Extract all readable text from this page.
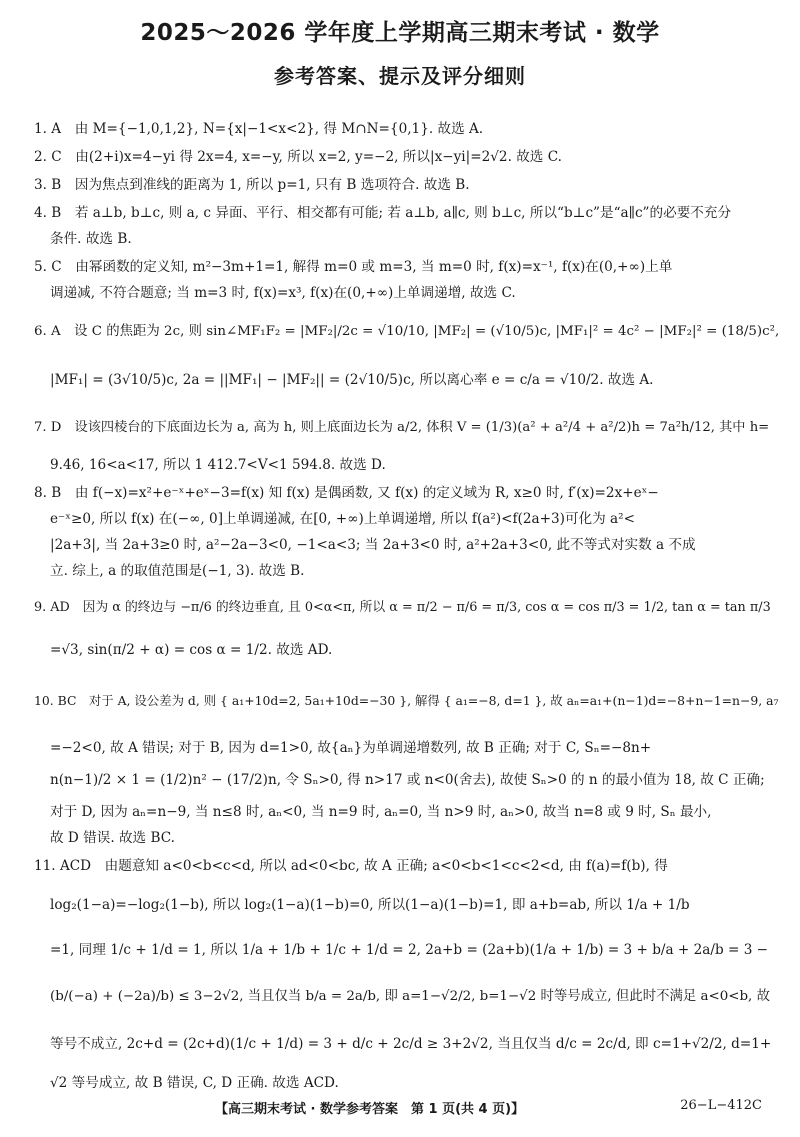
2025～2026 学年度上学期高三期末考试 · 数学
参考答案、提示及评分细则
1. A　由 M={−1,0,1,2}, N={x|−1<x<2}, 得 M∩N={0,1}. 故选 A.
2. C　由(2+i)x=4−yi 得 2x=4, x=−y, 所以 x=2, y=−2, 所以|x−yi|=2√2. 故选 C.
3. B　因为焦点到准线的距离为 1, 所以 p=1, 只有 B 选项符合. 故选 B.
4. B　若 a⊥b, b⊥c, 则 a, c 异面、平行、相交都有可能; 若 a⊥b, a∥c, 则 b⊥c, 所以“b⊥c”是“a∥c”的必要不充分
条件. 故选 B.
5. C　由幂函数的定义知, m²−3m+1=1, 解得 m=0 或 m=3, 当 m=0 时, f(x)=x⁻¹, f(x)在(0,+∞)上单
调递减, 不符合题意; 当 m=3 时, f(x)=x³, f(x)在(0,+∞)上单调递增, 故选 C.
6. A　设 C 的焦距为 2c, 则 sin∠MF₁F₂ = |MF₂|/2c = √10/10, |MF₂| = (√10/5)c, |MF₁|² = 4c² − |MF₂|² = (18/5)c²,
|MF₁| = (3√10/5)c, 2a = ||MF₁| − |MF₂|| = (2√10/5)c, 所以离心率 e = c/a = √10/2. 故选 A.
7. D　设该四棱台的下底面边长为 a, 高为 h, 则上底面边长为 a/2, 体积 V = (1/3)(a² + a²/4 + a²/2)h = 7a²h/12, 其中 h=
9.46, 16<a<17, 所以 1 412.7<V<1 594.8. 故选 D.
8. B　由 f(−x)=x²+e⁻ˣ+eˣ−3=f(x) 知 f(x) 是偶函数, 又 f(x) 的定义域为 R, x≥0 时, f′(x)=2x+eˣ−
e⁻ˣ≥0, 所以 f(x) 在(−∞, 0]上单调递减, 在[0, +∞)上单调递增, 所以 f(a²)<f(2a+3)可化为 a²<
|2a+3|, 当 2a+3≥0 时, a²−2a−3<0, −1<a<3; 当 2a+3<0 时, a²+2a+3<0, 此不等式对实数 a 不成
立. 综上, a 的取值范围是(−1, 3). 故选 B.
9. AD　因为 α 的终边与 −π/6 的终边垂直, 且 0<α<π, 所以 α = π/2 − π/6 = π/3, cos α = cos π/3 = 1/2, tan α = tan π/3
=√3, sin(π/2 + α) = cos α = 1/2. 故选 AD.
10. BC　对于 A, 设公差为 d, 则 { a₁+10d=2, 5a₁+10d=−30 }, 解得 { a₁=−8, d=1 }, 故 aₙ=a₁+(n−1)d=−8+n−1=n−9, a₇
=−2<0, 故 A 错误; 对于 B, 因为 d=1>0, 故{aₙ}为单调递增数列, 故 B 正确; 对于 C, Sₙ=−8n+
n(n−1)/2 × 1 = (1/2)n² − (17/2)n, 令 Sₙ>0, 得 n>17 或 n<0(舍去), 故使 Sₙ>0 的 n 的最小值为 18, 故 C 正确;
对于 D, 因为 aₙ=n−9, 当 n≤8 时, aₙ<0, 当 n=9 时, aₙ=0, 当 n>9 时, aₙ>0, 故当 n=8 或 9 时, Sₙ 最小,
故 D 错误. 故选 BC.
11. ACD　由题意知 a<0<b<c<d, 所以 ad<0<bc, 故 A 正确; a<0<b<1<c<2<d, 由 f(a)=f(b), 得
log₂(1−a)=−log₂(1−b), 所以 log₂(1−a)(1−b)=0, 所以(1−a)(1−b)=1, 即 a+b=ab, 所以 1/a + 1/b
=1, 同理 1/c + 1/d = 1, 所以 1/a + 1/b + 1/c + 1/d = 2, 2a+b = (2a+b)(1/a + 1/b) = 3 + b/a + 2a/b = 3 −
(b/(−a) + (−2a)/b) ≤ 3−2√2, 当且仅当 b/a = 2a/b, 即 a=1−√2/2, b=1−√2 时等号成立, 但此时不满足 a<0<b, 故
等号不成立, 2c+d = (2c+d)(1/c + 1/d) = 3 + d/c + 2c/d ≥ 3+2√2, 当且仅当 d/c = 2c/d, 即 c=1+√2/2, d=1+
√2 等号成立, 故 B 错误, C, D 正确. 故选 ACD.
【高三期末考试 · 数学参考答案　第 1 页(共 4 页)】	26−L−412C
